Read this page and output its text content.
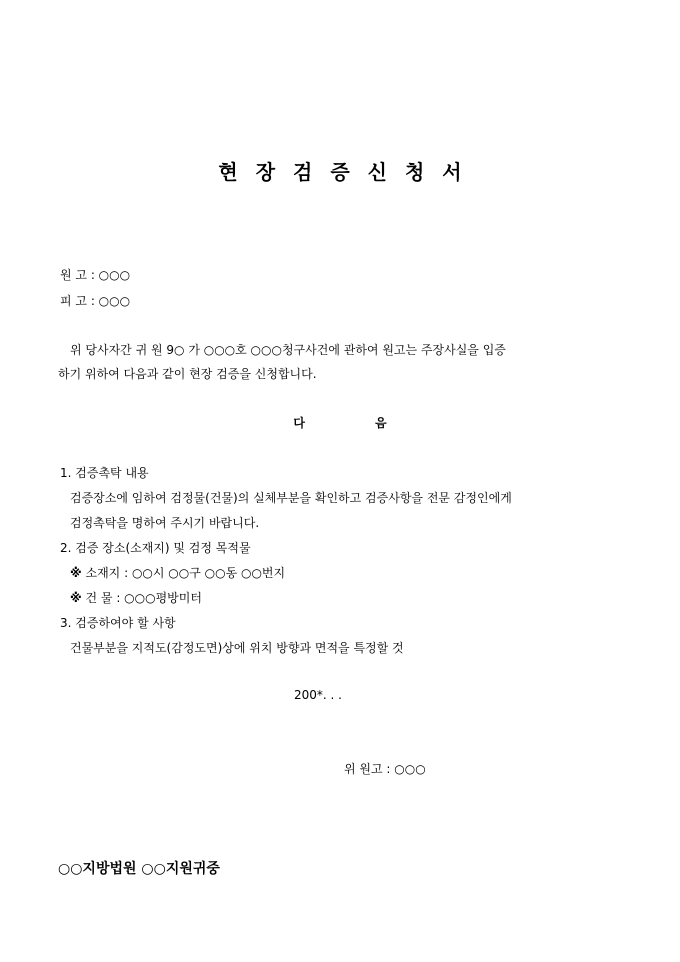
현장검증신청서
원 고 : ○○○
피 고 : ○○○

위 당사자간 귀 원 9○ 가 ○○○호 ○○○청구사건에 관하여 원고는 주장사실을 입증

하기 위하여 다음과 같이 현장 검증을 신청합니다.

다음
1. 검증촉탁 내용
검증장소에 임하여 검정물(건물)의 실체부분을 확인하고 검증사항을 전문 감정인에게
검정촉탁을 명하여 주시기 바랍니다.
2. 검증 장소(소재지) 및 검정 목적물
※ 소재지 : ○○시 ○○구 ○○동 ○○번지
※ 건 물 : ○○○평방미터
3. 검증하여야 할 사항
건물부분을 지적도(감정도면)상에 위치 방향과 면적을 특정할 것
200*. . .
위 원고 : ○○○
○○지방법원 ○○지원귀중
